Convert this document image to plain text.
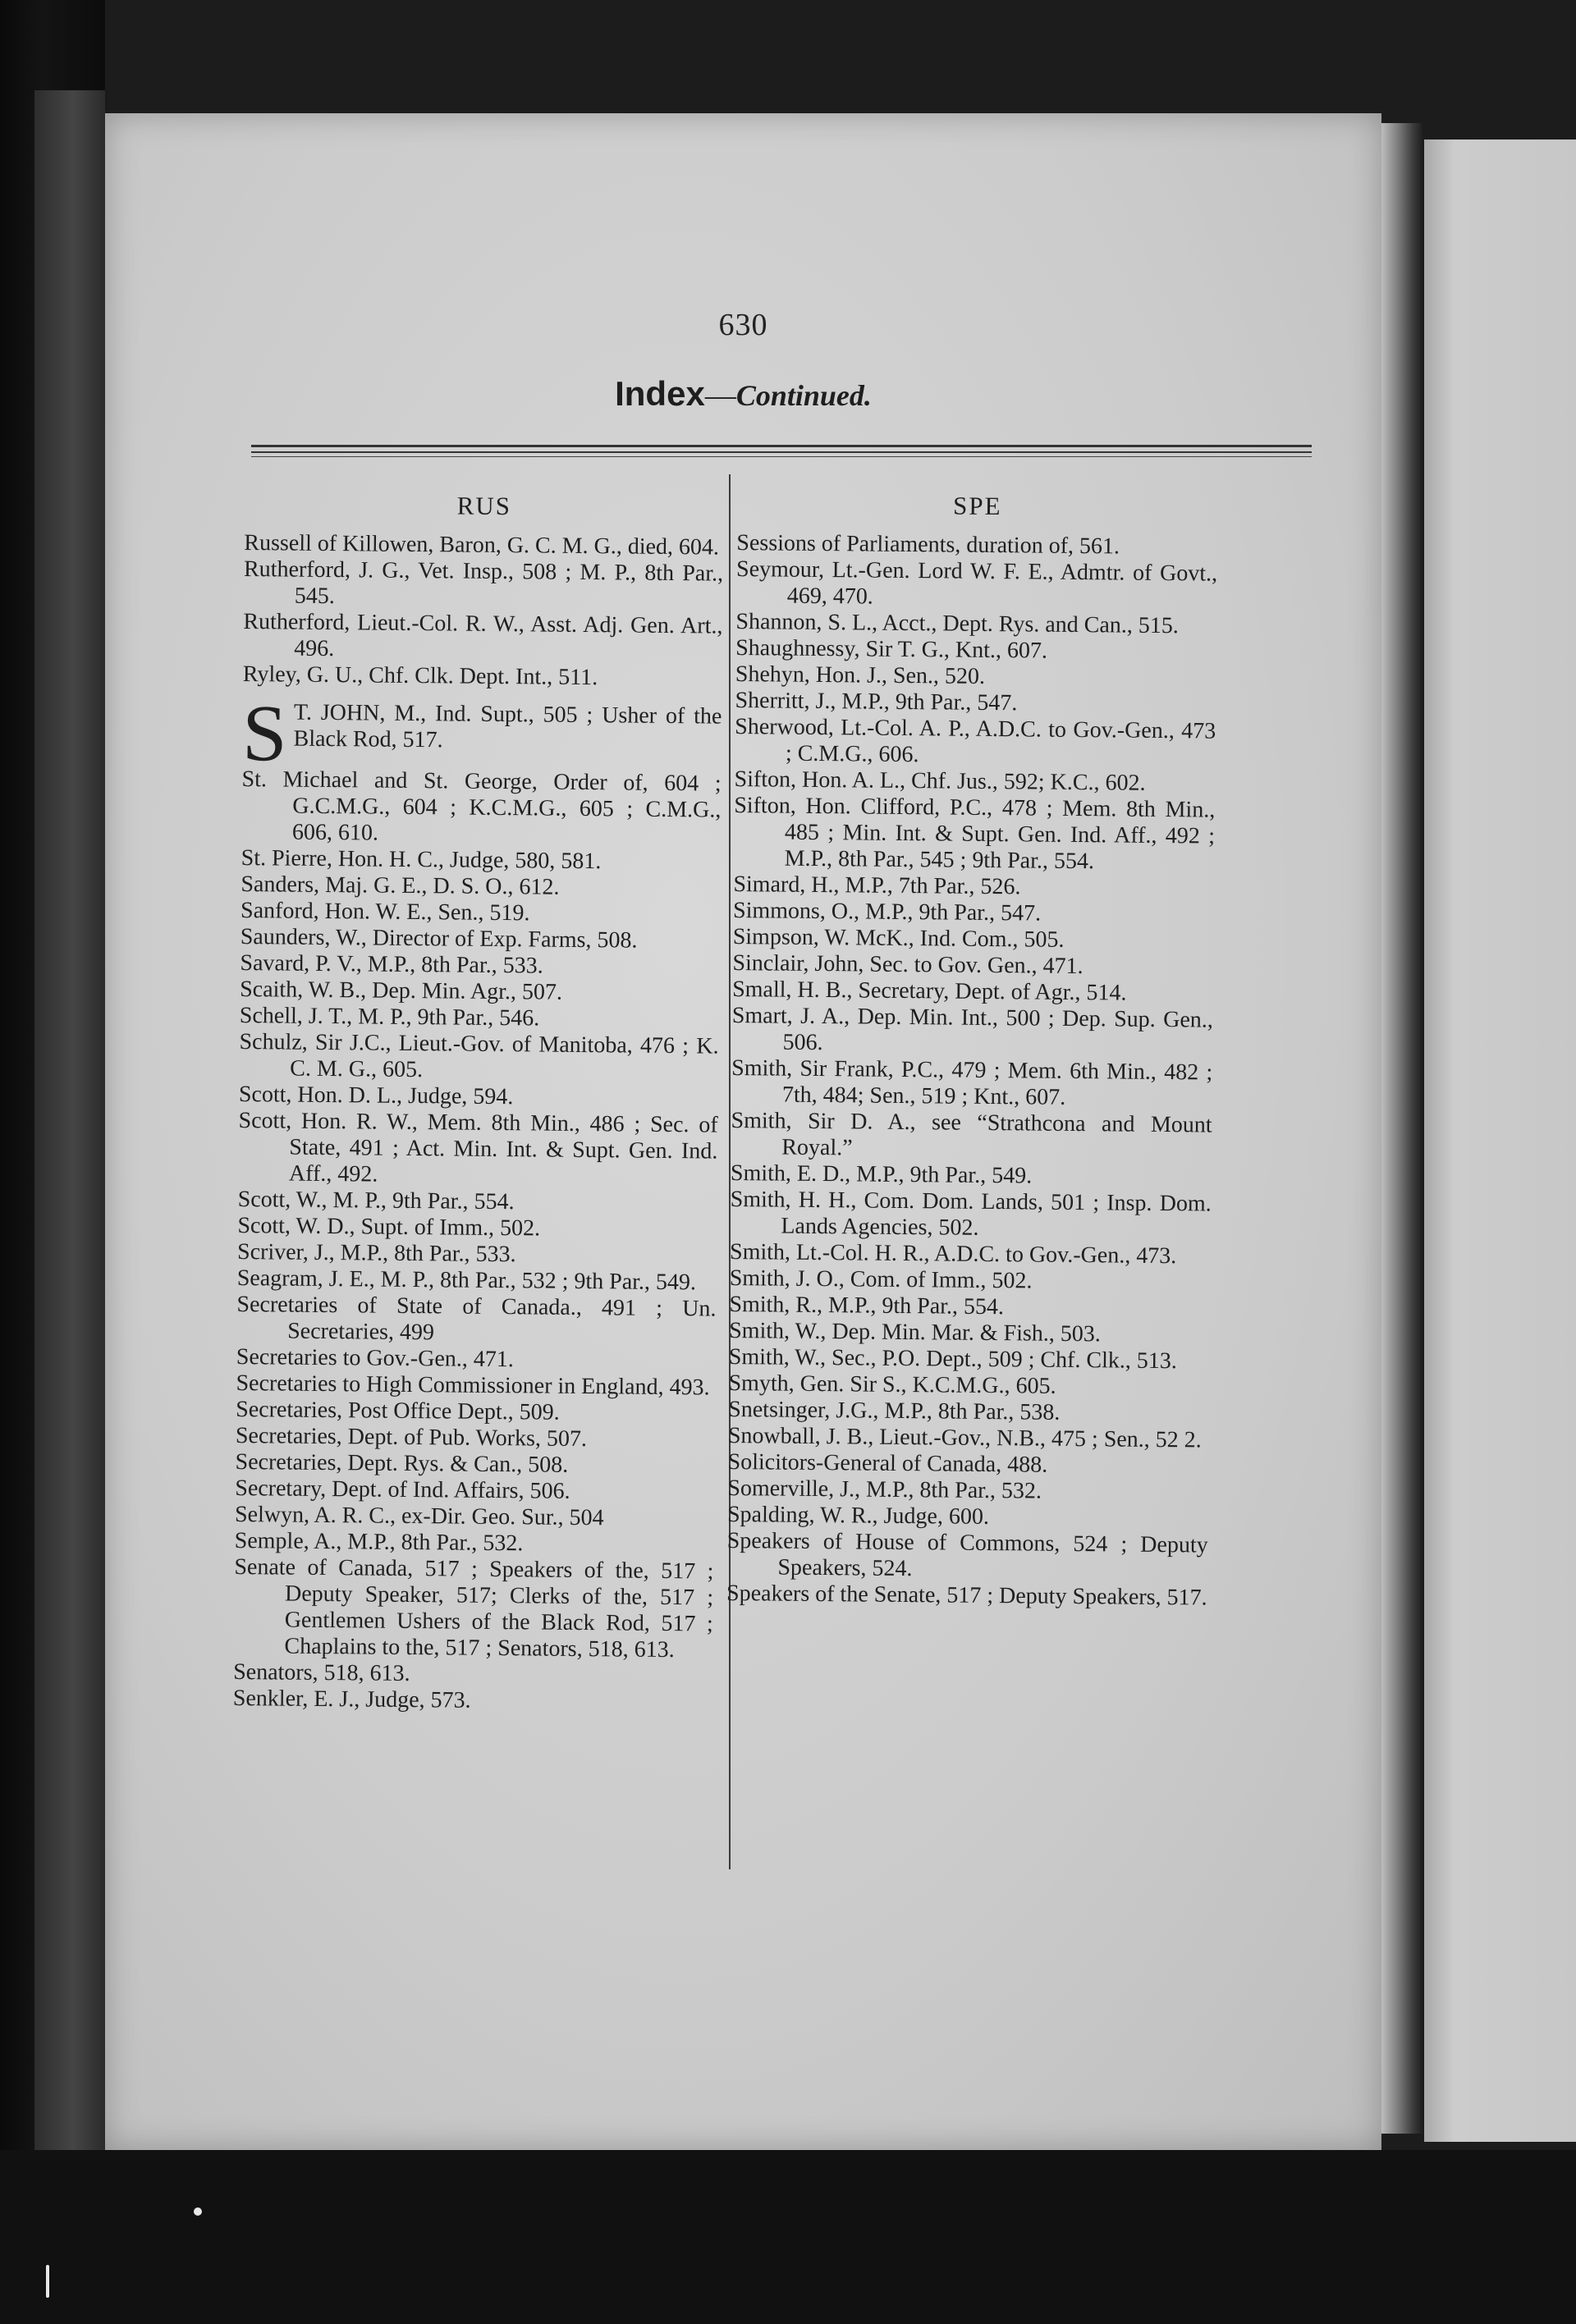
630
Index—Continued.
RUS
Russell of Killowen, Baron, G. C. M. G., died, 604.
Rutherford, J. G., Vet. Insp., 508 ; M. P., 8th Par., 545.
Rutherford, Lieut.-Col. R. W., Asst. Adj. Gen. Art., 496.
Ryley, G. U., Chf. Clk. Dept. Int., 511.
S T. JOHN, M., Ind. Supt., 505 ; Usher of the Black Rod, 517.
St. Michael and St. George, Order of, 604 ; G.C.M.G., 604 ; K.C.M.G., 605 ; C.M.G., 606, 610.
St. Pierre, Hon. H. C., Judge, 580, 581.
Sanders, Maj. G. E., D. S. O., 612.
Sanford, Hon. W. E., Sen., 519.
Saunders, W., Director of Exp. Farms, 508.
Savard, P. V., M.P., 8th Par., 533.
Scaith, W. B., Dep. Min. Agr., 507.
Schell, J. T., M. P., 9th Par., 546.
Schulz, Sir J.C., Lieut.-Gov. of Manitoba, 476 ; K. C. M. G., 605.
Scott, Hon. D. L., Judge, 594.
Scott, Hon. R. W., Mem. 8th Min., 486 ; Sec. of State, 491 ; Act. Min. Int. & Supt. Gen. Ind. Aff., 492.
Scott, W., M. P., 9th Par., 554.
Scott, W. D., Supt. of Imm., 502.
Scriver, J., M.P., 8th Par., 533.
Seagram, J. E., M. P., 8th Par., 532 ; 9th Par., 549.
Secretaries of State of Canada., 491 ; Un. Secretaries, 499
Secretaries to Gov.-Gen., 471.
Secretaries to High Commissioner in England, 493.
Secretaries, Post Office Dept., 509.
Secretaries, Dept. of Pub. Works, 507.
Secretaries, Dept. Rys. & Can., 508.
Secretary, Dept. of Ind. Affairs, 506.
Selwyn, A. R. C., ex-Dir. Geo. Sur., 504
Semple, A., M.P., 8th Par., 532.
Senate of Canada, 517 ; Speakers of the, 517 ; Deputy Speaker, 517; Clerks of the, 517 ; Gentlemen Ushers of the Black Rod, 517 ; Chaplains to the, 517 ; Senators, 518, 613.
Senators, 518, 613.
Senkler, E. J., Judge, 573.
SPE
Sessions of Parliaments, duration of, 561.
Seymour, Lt.-Gen. Lord W. F. E., Admtr. of Govt., 469, 470.
Shannon, S. L., Acct., Dept. Rys. and Can., 515.
Shaughnessy, Sir T. G., Knt., 607.
Shehyn, Hon. J., Sen., 520.
Sherritt, J., M.P., 9th Par., 547.
Sherwood, Lt.-Col. A. P., A.D.C. to Gov.-Gen., 473 ; C.M.G., 606.
Sifton, Hon. A. L., Chf. Jus., 592; K.C., 602.
Sifton, Hon. Clifford, P.C., 478 ; Mem. 8th Min., 485 ; Min. Int. & Supt. Gen. Ind. Aff., 492 ; M.P., 8th Par., 545 ; 9th Par., 554.
Simard, H., M.P., 7th Par., 526.
Simmons, O., M.P., 9th Par., 547.
Simpson, W. McK., Ind. Com., 505.
Sinclair, John, Sec. to Gov. Gen., 471.
Small, H. B., Secretary, Dept. of Agr., 514.
Smart, J. A., Dep. Min. Int., 500 ; Dep. Sup. Gen., 506.
Smith, Sir Frank, P.C., 479 ; Mem. 6th Min., 482 ; 7th, 484; Sen., 519 ; Knt., 607.
Smith, Sir D. A., see “Strathcona and Mount Royal.”
Smith, E. D., M.P., 9th Par., 549.
Smith, H. H., Com. Dom. Lands, 501 ; Insp. Dom. Lands Agencies, 502.
Smith, Lt.-Col. H. R., A.D.C. to Gov.-Gen., 473.
Smith, J. O., Com. of Imm., 502.
Smith, R., M.P., 9th Par., 554.
Smith, W., Dep. Min. Mar. & Fish., 503.
Smith, W., Sec., P.O. Dept., 509 ; Chf. Clk., 513.
Smyth, Gen. Sir S., K.C.M.G., 605.
Snetsinger, J.G., M.P., 8th Par., 538.
Snowball, J. B., Lieut.-Gov., N.B., 475 ; Sen., 52 2.
Solicitors-General of Canada, 488.
Somerville, J., M.P., 8th Par., 532.
Spalding, W. R., Judge, 600.
Speakers of House of Commons, 524 ; Deputy Speakers, 524.
Speakers of the Senate, 517 ; Deputy Speakers, 517.
